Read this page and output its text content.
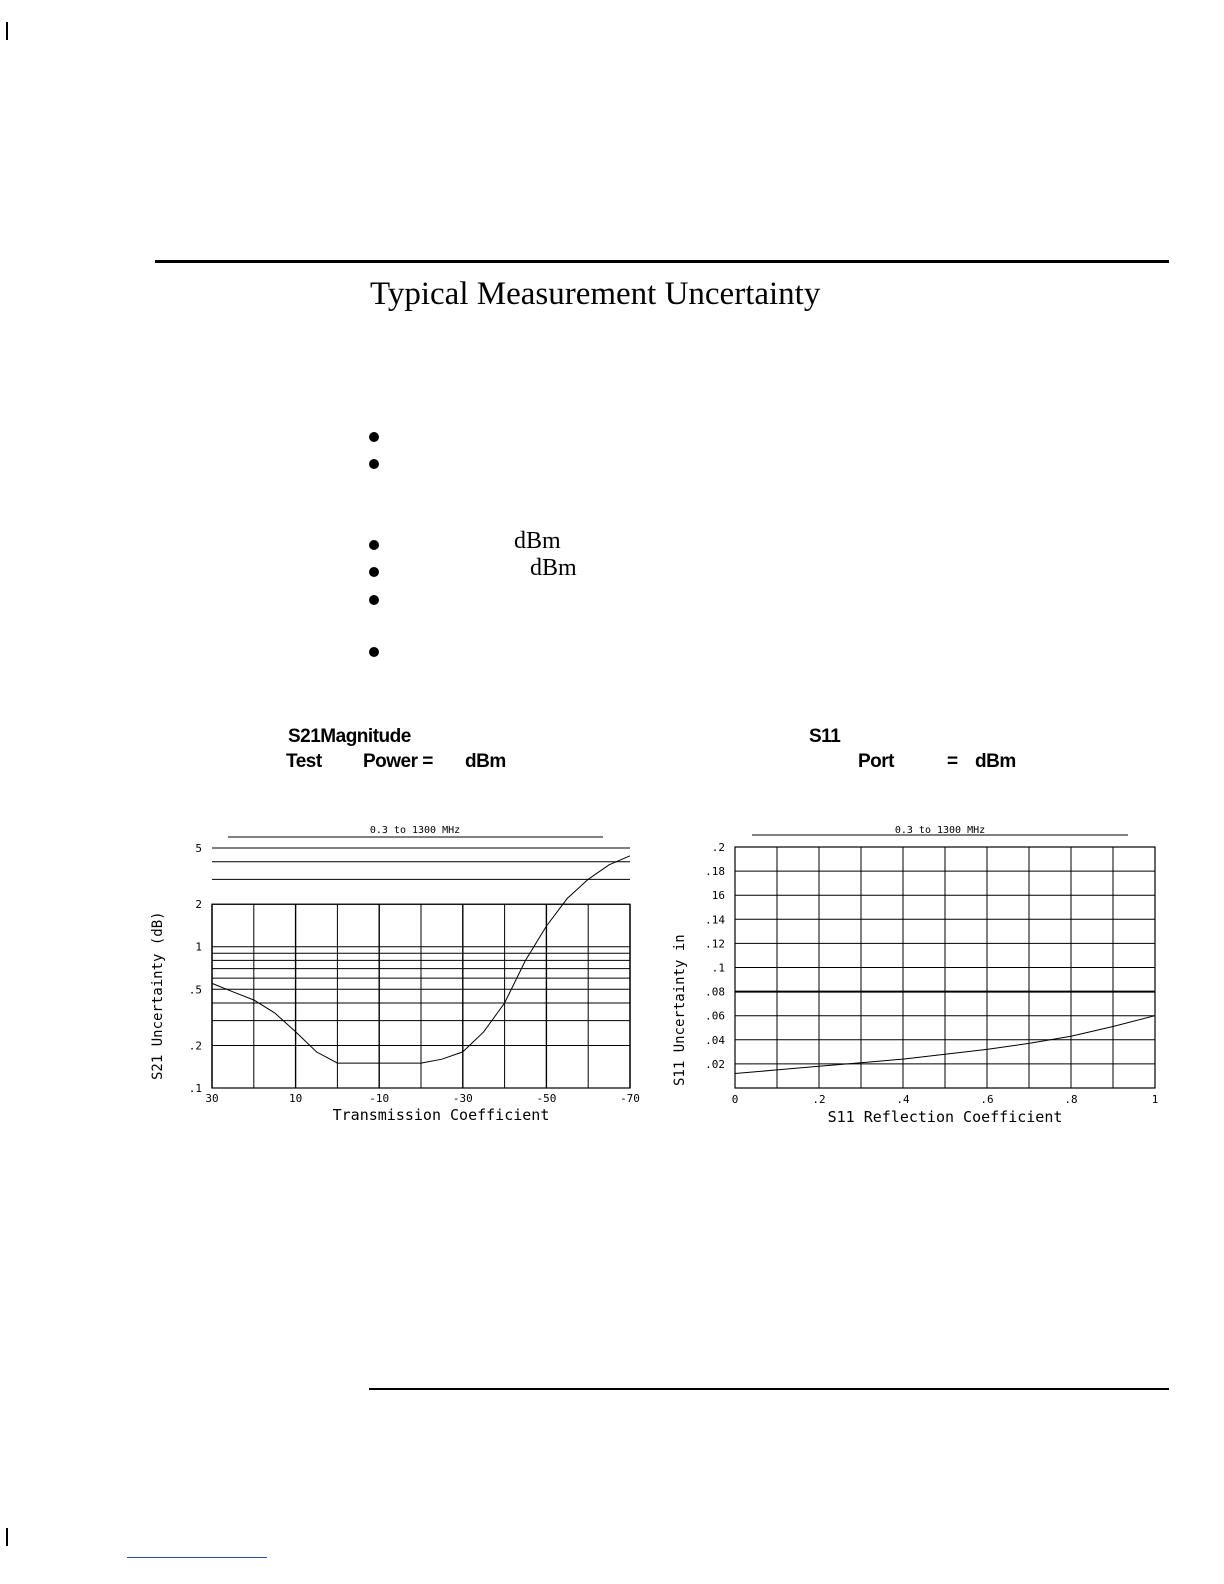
Typical Measurement Uncertainty
dBm
dBm
S21Magnitude
Test Power = dBm
S11
Port	= dBm
0.3 to 1300 MHz
S21 Uncertainty (dB)
5
2
1
.5
.2
.1
30	10	-10	-30	-50	-70
Transmission Coefficient
0.3 to 1300 MHz
S11 Uncertainty in
.2
.18
16
.14
.12
.1
.08
.06
.04
.02
0	.2	.4	.6	.8	1
S11 Reflection Coefficient
